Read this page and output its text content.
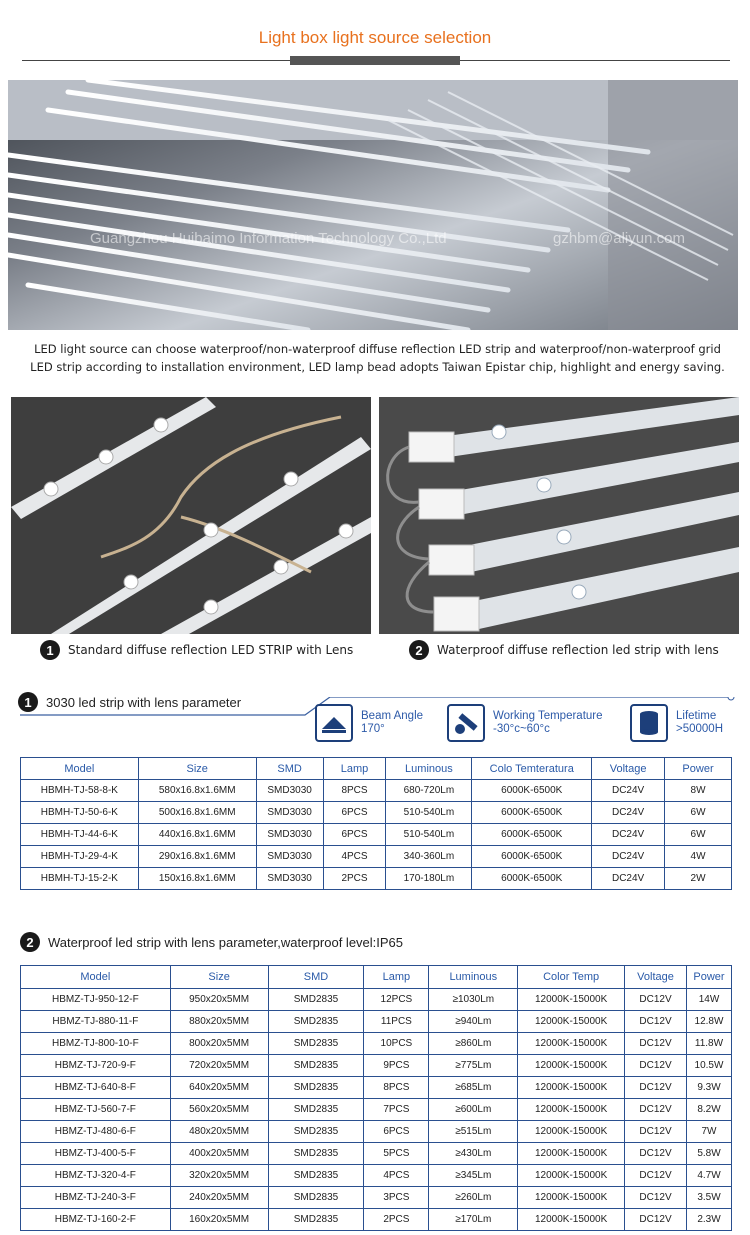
Light box light source selection
Guangzhou Huibaimo Information Technology Co.,Ltd	gzhbm@aliyun.com
LED light source can choose waterproof/non-waterproof diffuse reflection LED strip and waterproof/non-waterproof grid
LED strip according to installation environment, LED lamp bead adopts Taiwan Epistar chip, highlight and energy saving.
1	Standard diffuse reflection LED STRIP with Lens	2	Waterproof diffuse reflection led strip with lens
1	3030 led strip with lens parameter
Beam Angle
170°
Working Temperature
-30°c~60°c
Lifetime
>50000H
Model	Size	SMD	Lamp	Luminous	Colo Temteratura	Voltage	Power
HBMH-TJ-58-8-K	580x16.8x1.6MM	SMD3030	8PCS	680-720Lm	6000K-6500K	DC24V	8W
HBMH-TJ-50-6-K	500x16.8x1.6MM	SMD3030	6PCS	510-540Lm	6000K-6500K	DC24V	6W
HBMH-TJ-44-6-K	440x16.8x1.6MM	SMD3030	6PCS	510-540Lm	6000K-6500K	DC24V	6W
HBMH-TJ-29-4-K	290x16.8x1.6MM	SMD3030	4PCS	340-360Lm	6000K-6500K	DC24V	4W
HBMH-TJ-15-2-K	150x16.8x1.6MM	SMD3030	2PCS	170-180Lm	6000K-6500K	DC24V	2W
2	Waterproof led strip with lens parameter,waterproof level:IP65
Model	Size	SMD	Lamp	Luminous	Color Temp	Voltage	Power
HBMZ-TJ-950-12-F	950x20x5MM	SMD2835	12PCS	≥1030Lm	12000K-15000K	DC12V	14W
HBMZ-TJ-880-11-F	880x20x5MM	SMD2835	11PCS	≥940Lm	12000K-15000K	DC12V	12.8W
HBMZ-TJ-800-10-F	800x20x5MM	SMD2835	10PCS	≥860Lm	12000K-15000K	DC12V	11.8W
HBMZ-TJ-720-9-F	720x20x5MM	SMD2835	9PCS	≥775Lm	12000K-15000K	DC12V	10.5W
HBMZ-TJ-640-8-F	640x20x5MM	SMD2835	8PCS	≥685Lm	12000K-15000K	DC12V	9.3W
HBMZ-TJ-560-7-F	560x20x5MM	SMD2835	7PCS	≥600Lm	12000K-15000K	DC12V	8.2W
HBMZ-TJ-480-6-F	480x20x5MM	SMD2835	6PCS	≥515Lm	12000K-15000K	DC12V	7W
HBMZ-TJ-400-5-F	400x20x5MM	SMD2835	5PCS	≥430Lm	12000K-15000K	DC12V	5.8W
HBMZ-TJ-320-4-F	320x20x5MM	SMD2835	4PCS	≥345Lm	12000K-15000K	DC12V	4.7W
HBMZ-TJ-240-3-F	240x20x5MM	SMD2835	3PCS	≥260Lm	12000K-15000K	DC12V	3.5W
HBMZ-TJ-160-2-F	160x20x5MM	SMD2835	2PCS	≥170Lm	12000K-15000K	DC12V	2.3W
